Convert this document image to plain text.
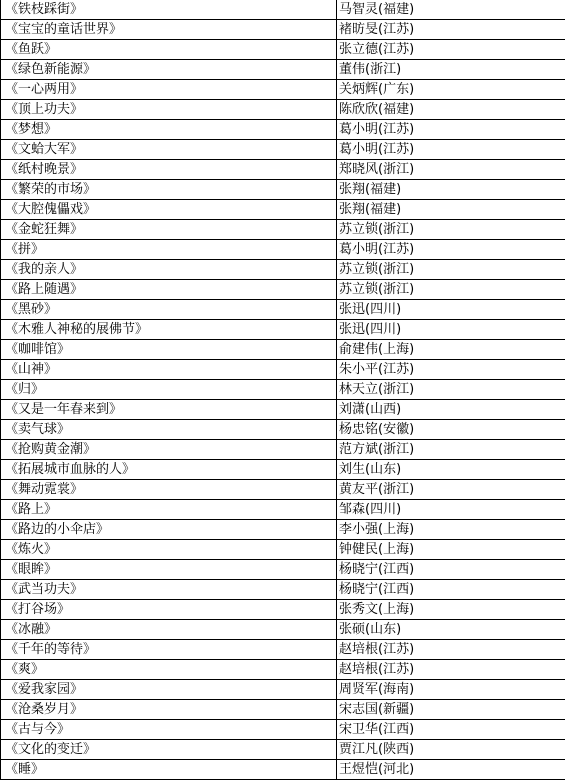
《铁枝踩街》	马智灵(福建)
《宝宝的童话世界》	褚昉旻(江苏)
《鱼跃》	张立德(江苏)
《绿色新能源》	董伟(浙江)
《一心两用》	关炳辉(广东)
《顶上功夫》	陈欣欣(福建)
《梦想》	葛小明(江苏)
《文蛤大军》	葛小明(江苏)
《纸村晚景》	郑晓风(浙江)
《繁荣的市场》	张翔(福建)
《大腔傀儡戏》	张翔(福建)
《金蛇狂舞》	苏立锁(浙江)
《拼》	葛小明(江苏)
《我的亲人》	苏立锁(浙江)
《路上随遇》	苏立锁(浙江)
《黑砂》	张迅(四川)
《木雅人神秘的展佛节》	张迅(四川)
《咖啡馆》	俞建伟(上海)
《山神》	朱小平(江苏)
《归》	林天立(浙江)
《又是一年春来到》	刘潇(山西)
《卖气球》	杨忠铭(安徽)
《抢购黄金潮》	范方斌(浙江)
《拓展城市血脉的人》	刘生(山东)
《舞动霓裳》	黄友平(浙江)
《路上》	邹森(四川)
《路边的小伞店》	李小强(上海)
《炼火》	钟健民(上海)
《眼眸》	杨晓宁(江西)
《武当功夫》	杨晓宁(江西)
《打谷场》	张秀文(上海)
《冰融》	张硕(山东)
《千年的等待》	赵培根(江苏)
《爽》	赵培根(江苏)
《爱我家园》	周贤军(海南)
《沧桑岁月》	宋志国(新疆)
《古与今》	宋卫华(江西)
《文化的变迁》	贾江凡(陕西)
《睡》	王煜恺(河北)
